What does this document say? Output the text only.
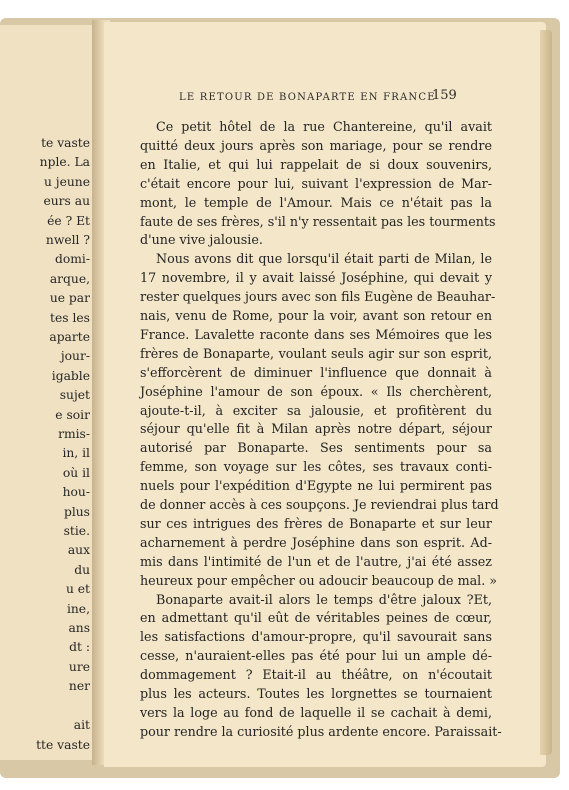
te vaste
nple. La
u jeune
eurs au
ée ? Et
nwell ?
domi-
arque,
ue par
tes les
aparte
jour-
igable
sujet
e soir
rmis-
in, il
où il
hou-
plus
stie.
aux
du
u et
ine,
ans
dt :
ure
ner
ait
tte vaste
LE RETOUR DE BONAPARTE EN FRANCE
159
Ce petit hôtel de la rue Chantereine, qu'il avait
quitté deux jours après son mariage, pour se rendre
en Italie, et qui lui rappelait de si doux souvenirs,
c'était encore pour lui, suivant l'expression de Mar-
mont, le temple de l'Amour. Mais ce n'était pas la
faute de ses frères, s'il n'y ressentait pas les tourments
d'une vive jalousie.
Nous avons dit que lorsqu'il était parti de Milan, le
17 novembre, il y avait laissé Joséphine, qui devait y
rester quelques jours avec son fils Eugène de Beauhar-
nais, venu de Rome, pour la voir, avant son retour en
France. Lavalette raconte dans ses Mémoires que les
frères de Bonaparte, voulant seuls agir sur son esprit,
s'efforcèrent de diminuer l'influence que donnait à
Joséphine l'amour de son époux. « Ils cherchèrent,
ajoute-t-il, à exciter sa jalousie, et profitèrent du
séjour qu'elle fit à Milan après notre départ, séjour
autorisé par Bonaparte. Ses sentiments pour sa
femme, son voyage sur les côtes, ses travaux conti-
nuels pour l'expédition d'Egypte ne lui permirent pas
de donner accès à ces soupçons. Je reviendrai plus tard
sur ces intrigues des frères de Bonaparte et sur leur
acharnement à perdre Joséphine dans son esprit. Ad-
mis dans l'intimité de l'un et de l'autre, j'ai été assez
heureux pour empêcher ou adoucir beaucoup de mal. »
Bonaparte avait-il alors le temps d'être jaloux ?Et,
en admettant qu'il eût de véritables peines de cœur,
les satisfactions d'amour-propre, qu'il savourait sans
cesse, n'auraient-elles pas été pour lui un ample dé-
dommagement ? Etait-il au théâtre, on n'écoutait
plus les acteurs. Toutes les lorgnettes se tournaient
vers la loge au fond de laquelle il se cachait à demi,
pour rendre la curiosité plus ardente encore. Paraissait-
